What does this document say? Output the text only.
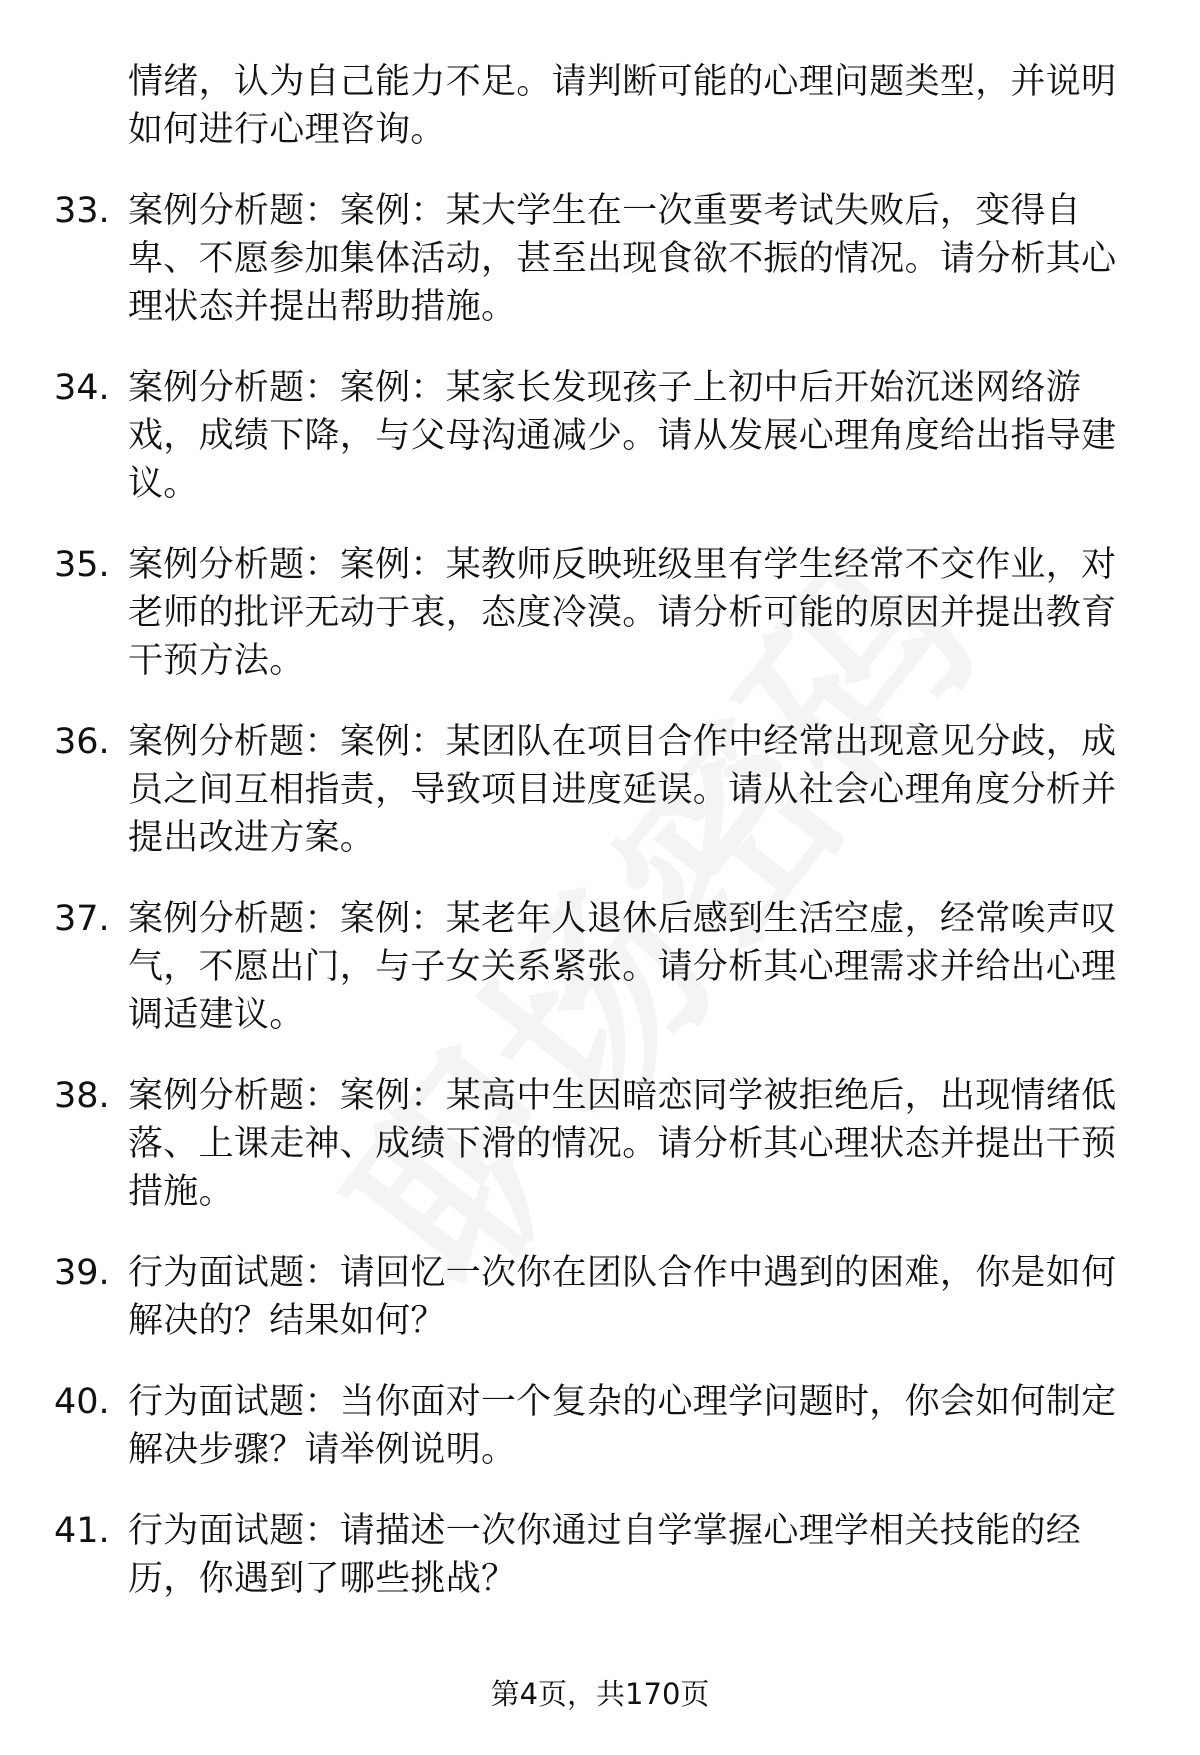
情绪，认为自己能力不足。请判断可能的心理问题类型，并说明
如何进行心理咨询。
33. 案例分析题：案例：某大学生在一次重要考试失败后，变得自
卑、不愿参加集体活动，甚至出现食欲不振的情况。请分析其心
理状态并提出帮助措施。
34. 案例分析题：案例：某家长发现孩子上初中后开始沉迷网络游
戏，成绩下降，与父母沟通减少。请从发展心理角度给出指导建
议。
35. 案例分析题：案例：某教师反映班级里有学生经常不交作业，对
老师的批评无动于衷，态度冷漠。请分析可能的原因并提出教育
干预方法。
36. 案例分析题：案例：某团队在项目合作中经常出现意见分歧，成
员之间互相指责，导致项目进度延误。请从社会心理角度分析并
提出改进方案。
37. 案例分析题：案例：某老年人退休后感到生活空虚，经常唉声叹
气，不愿出门，与子女关系紧张。请分析其心理需求并给出心理
调适建议。
38. 案例分析题：案例：某高中生因暗恋同学被拒绝后，出现情绪低
落、上课走神、成绩下滑的情况。请分析其心理状态并提出干预
措施。
39. 行为面试题：请回忆一次你在团队合作中遇到的困难，你是如何
解决的？结果如何？
40. 行为面试题：当你面对一个复杂的心理学问题时，你会如何制定
解决步骤？请举例说明。
41. 行为面试题：请描述一次你通过自学掌握心理学相关技能的经
历，你遇到了哪些挑战？
第4页，共170页
